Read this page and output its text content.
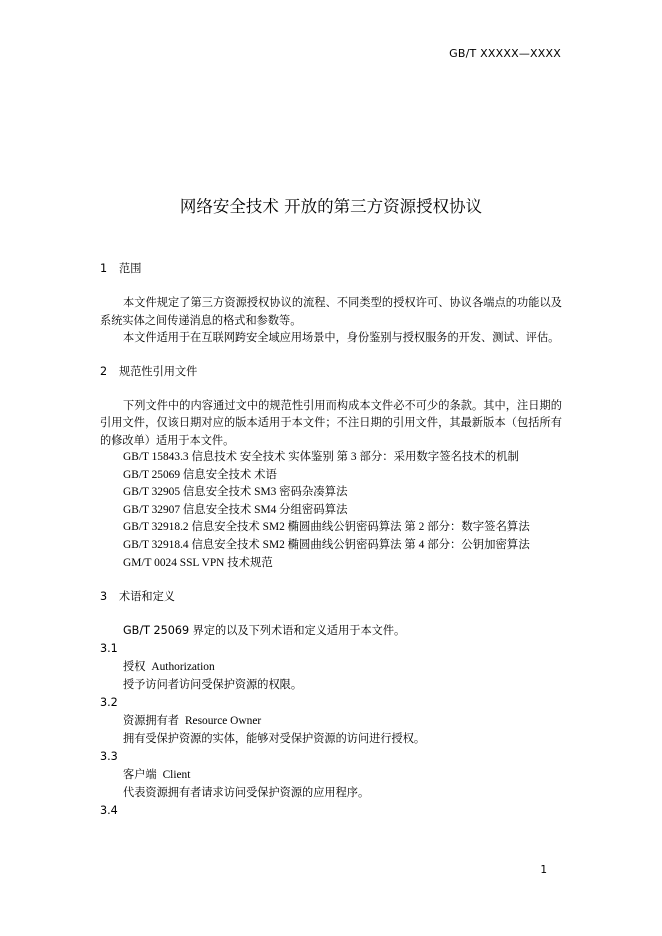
GB/T XXXXX—XXXX
网络安全技术 开放的第三方资源授权协议
1 范围

本文件规定了第三方资源授权协议的流程、不同类型的授权许可、协议各端点的功能以及系统实体之间传递消息的格式和参数等。

本文件适用于在互联网跨安全域应用场景中，身份鉴别与授权服务的开发、测试、评估。

2 规范性引用文件

下列文件中的内容通过文中的规范性引用而构成本文件必不可少的条款。其中，注日期的引用文件，仅该日期对应的版本适用于本文件；不注日期的引用文件，其最新版本（包括所有的修改单）适用于本文件。

GB/T 15843.3 信息技术 安全技术 实体鉴别 第 3 部分：采用数字签名技术的机制
GB/T 25069 信息安全技术 术语
GB/T 32905 信息安全技术 SM3 密码杂凑算法
GB/T 32907 信息安全技术 SM4 分组密码算法
GB/T 32918.2 信息安全技术 SM2 椭圆曲线公钥密码算法 第 2 部分：数字签名算法
GB/T 32918.4 信息安全技术 SM2 椭圆曲线公钥密码算法 第 4 部分：公钥加密算法
GM/T 0024 SSL VPN 技术规范
3 术语和定义

GB/T 25069 界定的以及下列术语和定义适用于本文件。

3.1
授权 Authorization
授予访问者访问受保护资源的权限。
3.2
资源拥有者 Resource Owner
拥有受保护资源的实体，能够对受保护资源的访问进行授权。
3.3
客户端 Client
代表资源拥有者请求访问受保护资源的应用程序。
3.4
1
